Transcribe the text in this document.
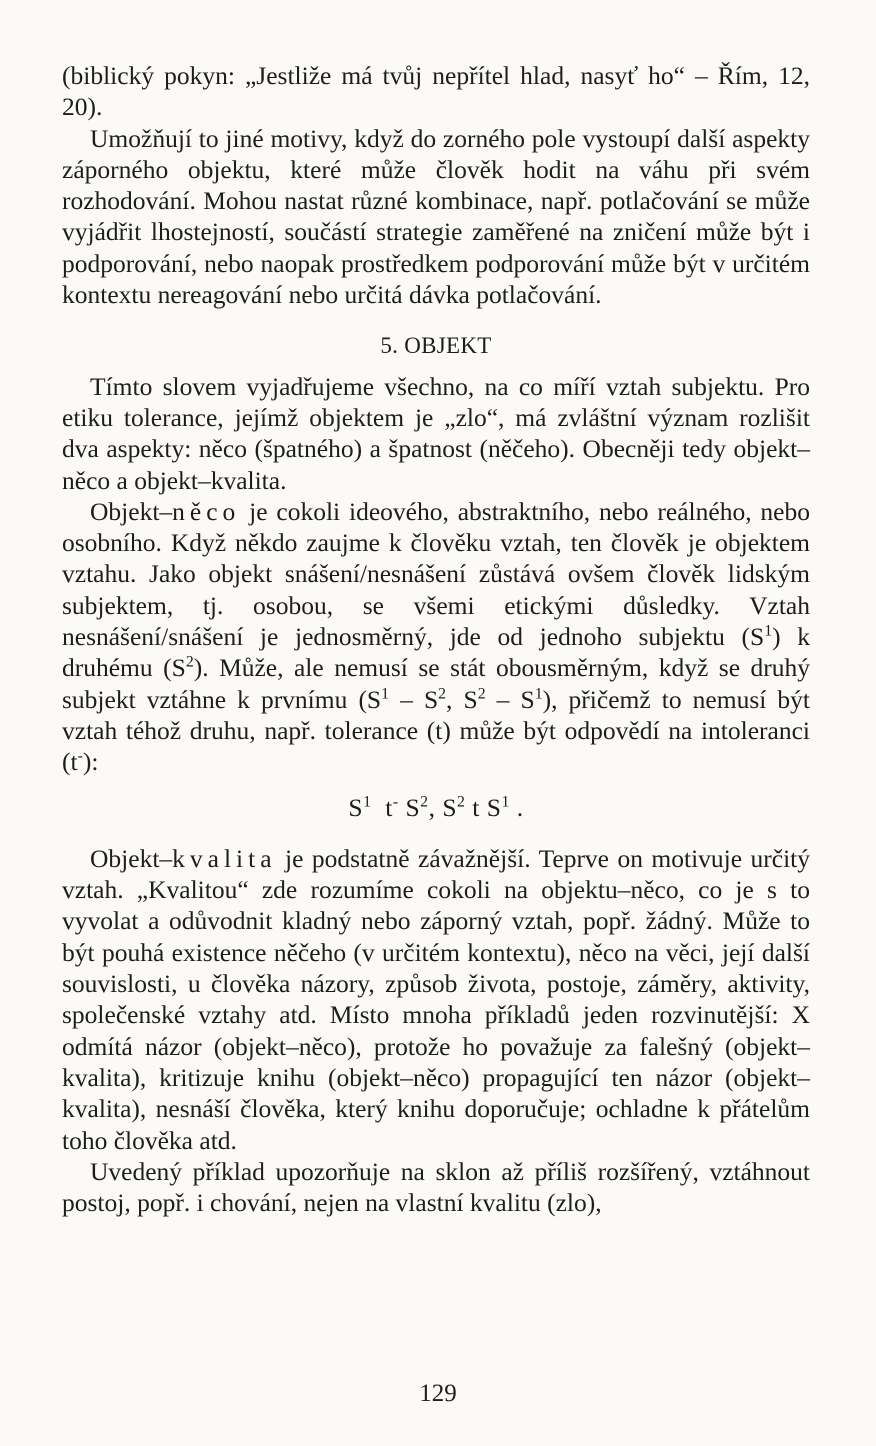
(biblický pokyn: „Jestliže má tvůj nepřítel hlad, nasyť ho“ – Řím, 12, 20).

Umožňují to jiné motivy, když do zorného pole vystoupí další aspekty záporného objektu, které může člověk hodit na váhu při svém rozhodování. Mohou nastat různé kombinace, např. potlačování se může vyjádřit lhostejností, součástí strategie zaměřené na zničení může být i podporování, nebo naopak prostředkem podporování může být v určitém kontextu nereagování nebo určitá dávka potlačování.

5. OBJEKT

Tímto slovem vyjadřujeme všechno, na co míří vztah subjektu. Pro etiku tolerance, jejímž objektem je „zlo“, má zvláštní význam rozlišit dva aspekty: něco (špatného) a špatnost (něčeho). Obecněji tedy objekt–něco a objekt–kvalita.

Objekt–něco je cokoli ideového, abstraktního, nebo reálného, nebo osobního. Když někdo zaujme k člověku vztah, ten člověk je objektem vztahu. Jako objekt snášení/nesnášení zůstává ovšem člověk lidským subjektem, tj. osobou, se všemi etickými důsledky. Vztah nesnášení/snášení je jednosměrný, jde od jednoho subjektu $(S^1)$ k druhému $(S^2)$. Může, ale nemusí se stát obousměrným, když se druhý subjekt vztáhne k prvnímu ($S^1 - S^2$, $S^2 - S^1$), přičemž to nemusí být vztah téhož druhu, např. tolerance (t) může být odpovědí na intoleranci (t-):

$S^1$ t- $S^2$, $S^2$ t $S^1$ .

Objekt–kvalita je podstatně závažnější. Teprve on motivuje určitý vztah. „Kvalitou“ zde rozumíme cokoli na objektu–něco, co je s to vyvolat a odůvodnit kladný nebo záporný vztah, popř. žádný. Může to být pouhá existence něčeho (v určitém kontextu), něco na věci, její další souvislosti, u člověka názory, způsob života, postoje, záměry, aktivity, společenské vztahy atd. Místo mnoha příkladů jeden rozvinutější: X odmítá názor (objekt–něco), protože ho považuje za falešný (objekt–kvalita), kritizuje knihu (objekt–něco) propagující ten názor (objekt–kvalita), nesnáší člověka, který knihu doporučuje; ochladne k přátelům toho člověka atd.

Uvedený příklad upozorňuje na sklon až příliš rozšířený, vztáhnout postoj, popř. i chování, nejen na vlastní kvalitu (zlo),

129
